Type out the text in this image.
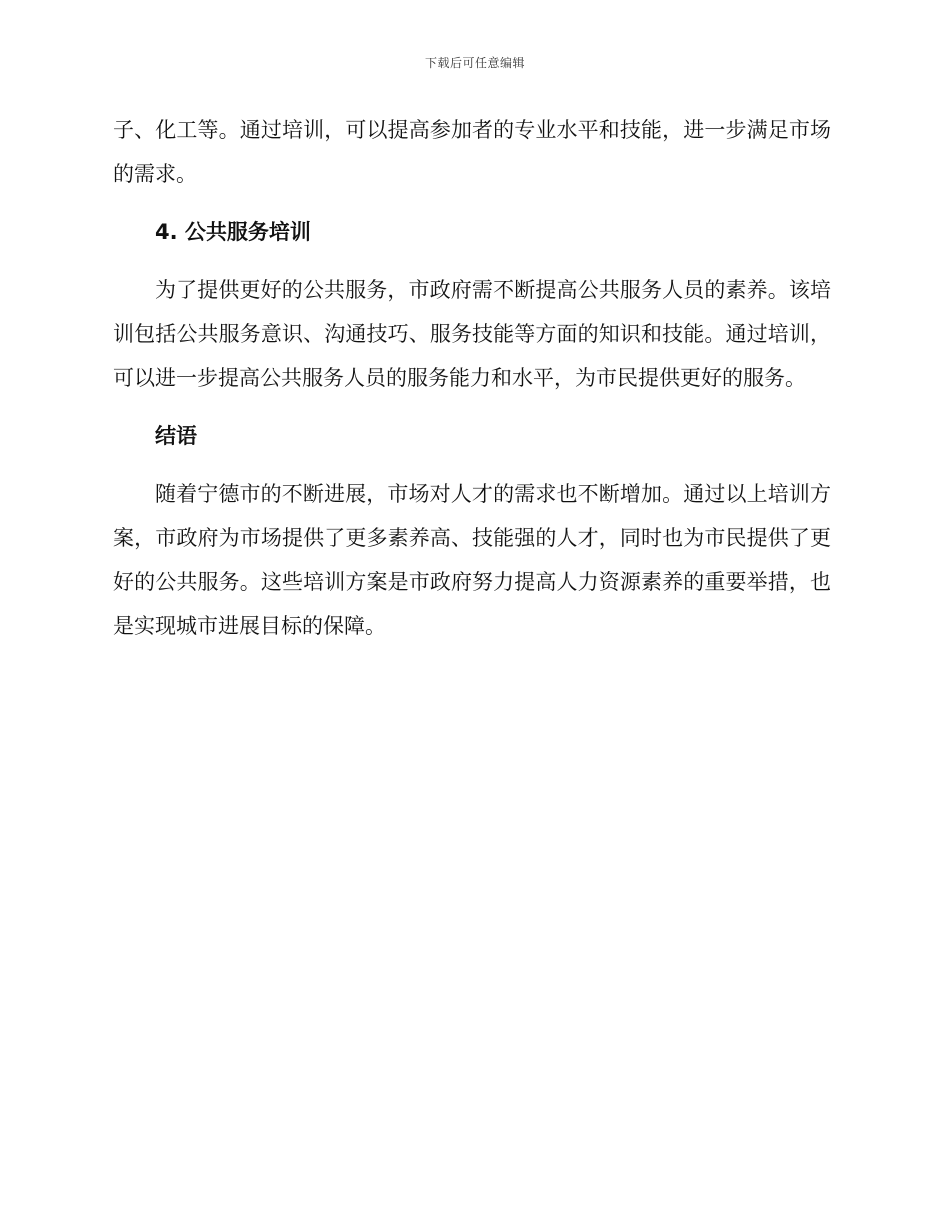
下载后可任意编辑

子、化工等。通过培训，可以提高参加者的专业水平和技能，进一步满足市场的需求。

4. 公共服务培训

为了提供更好的公共服务，市政府需不断提高公共服务人员的素养。该培训包括公共服务意识、沟通技巧、服务技能等方面的知识和技能。通过培训，可以进一步提高公共服务人员的服务能力和水平，为市民提供更好的服务。

结语

随着宁德市的不断进展，市场对人才的需求也不断增加。通过以上培训方案，市政府为市场提供了更多素养高、技能强的人才，同时也为市民提供了更好的公共服务。这些培训方案是市政府努力提高人力资源素养的重要举措，也是实现城市进展目标的保障。
